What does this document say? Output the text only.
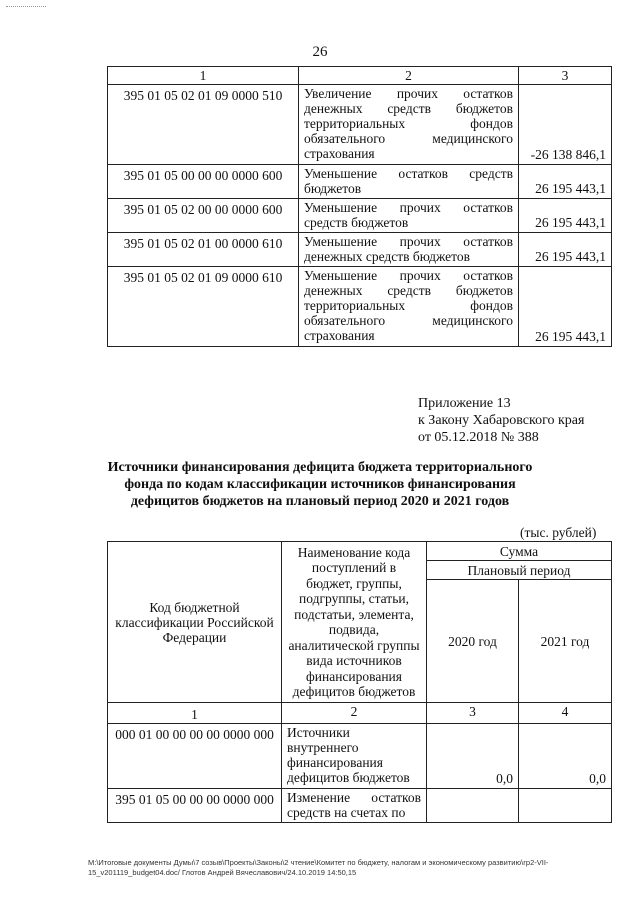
26
1	2	3
395 01 05 02 01 09 0000 510	Увеличение прочих остатков денежных средств бюджетов территориальных фондов обязательного медицинского страхования	-26 138 846,1
395 01 05 00 00 00 0000 600	Уменьшение остатков средств бюджетов	26 195 443,1
395 01 05 02 00 00 0000 600	Уменьшение прочих остатков средств бюджетов	26 195 443,1
395 01 05 02 01 00 0000 610	Уменьшение прочих остатков денежных средств бюджетов	26 195 443,1
395 01 05 02 01 09 0000 610	Уменьшение прочих остатков денежных средств бюджетов территориальных фондов обязательного медицинского страхования	26 195 443,1
Приложение 13
к Закону Хабаровского края
от 05.12.2018 № 388
Источники финансирования дефицита бюджета территориального фонда по кодам классификации источников финансирования дефицитов бюджетов на плановый период 2020 и 2021 годов
(тыс. рублей)
Код бюджетной классификации Российской Федерации	Наименование кода поступлений в бюджет, группы, подгруппы, статьи, подстатьи, элемента, подвида, аналитической группы вида источников финансирования дефицитов бюджетов	Сумма	
		Плановый период	
		2020 год	2021 год
1	2	3	4
000 01 00 00 00 00 0000 000	Источники внутреннего финансирования дефицитов бюджетов	0,0	0,0
395 01 05 00 00 00 0000 000	Изменение остатков средств на счетах по		
M:\Итоговые документы Думы\7 созыв\Проекты\Законы\2 чтение\Комитет по бюджету, налогам и экономическому развитию\гр2-VII-
15_v201119_budget04.doc/ Глотов Андрей Вячеславович/24.10.2019 14:50,15
